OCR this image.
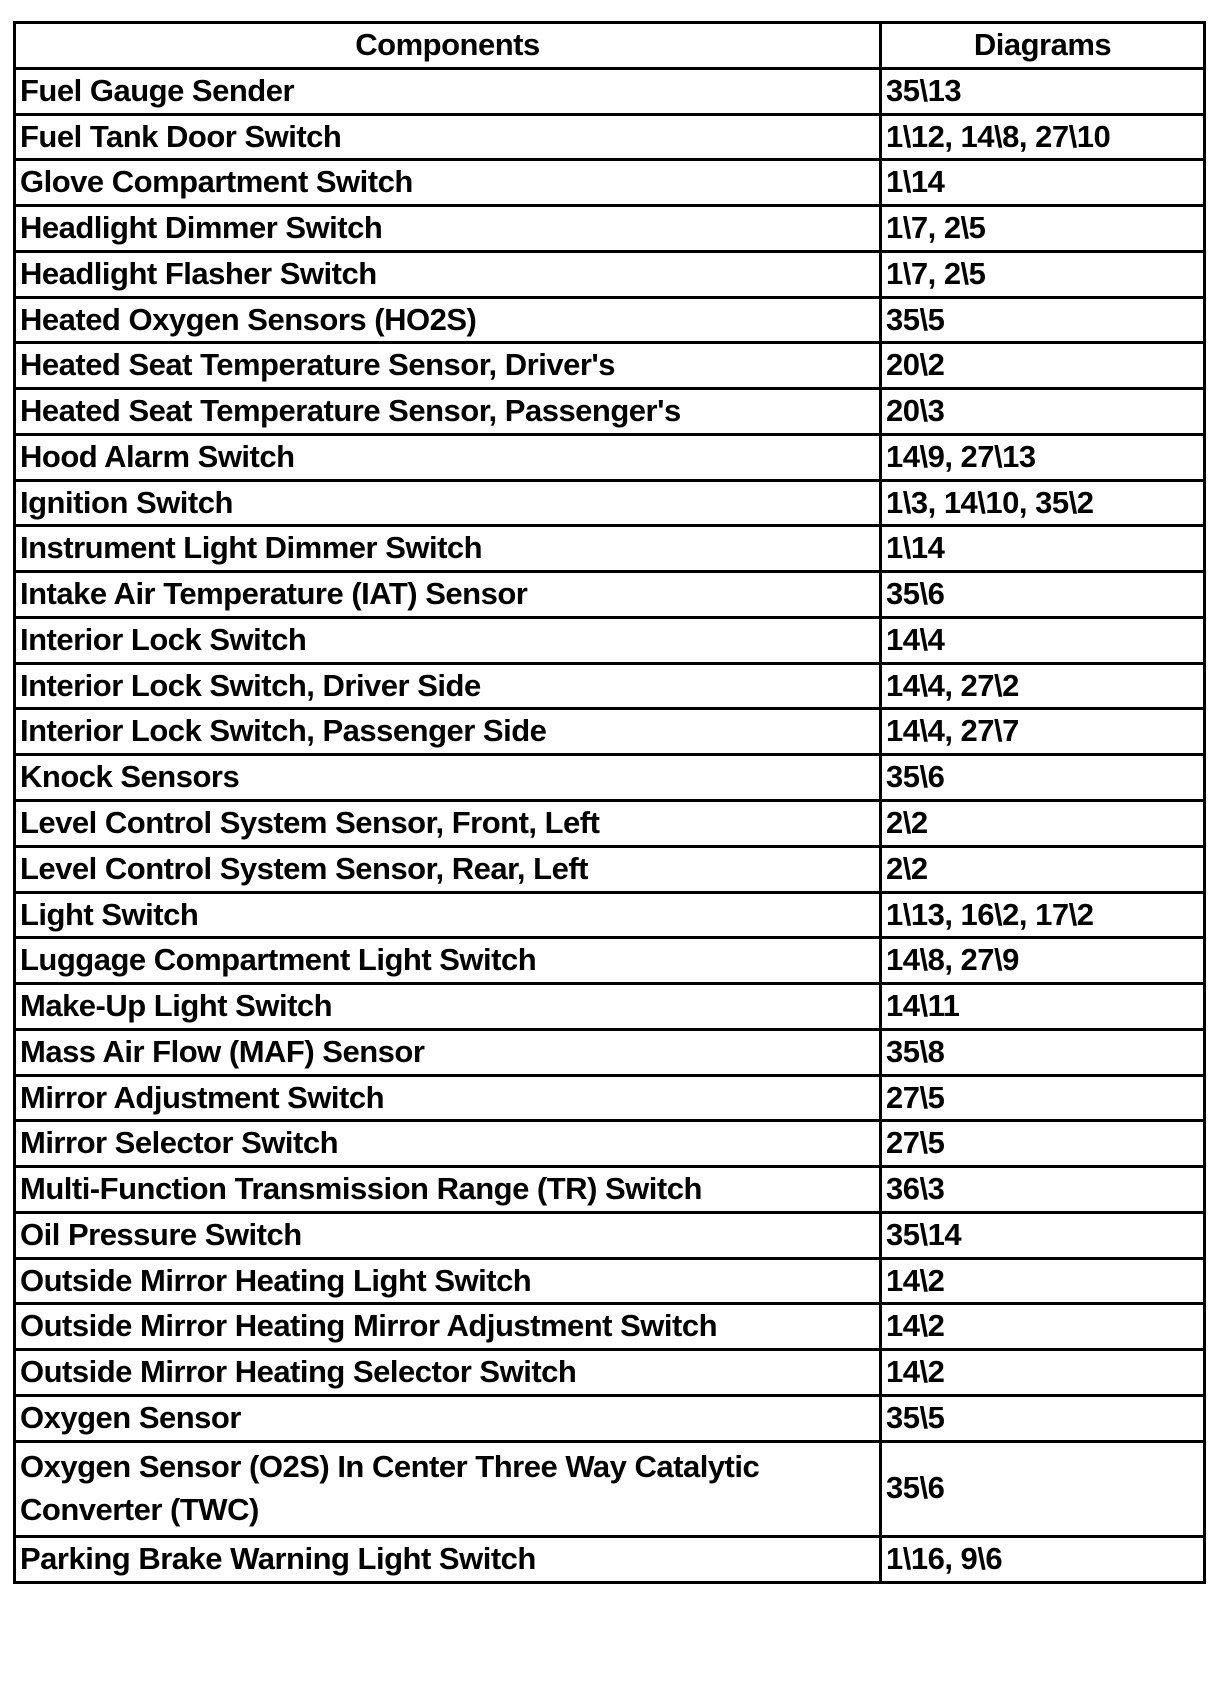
Components	Diagrams
Fuel Gauge Sender	35\13
Fuel Tank Door Switch	1\12, 14\8, 27\10
Glove Compartment Switch	1\14
Headlight Dimmer Switch	1\7, 2\5
Headlight Flasher Switch	1\7, 2\5
Heated Oxygen Sensors (HO2S)	35\5
Heated Seat Temperature Sensor, Driver's	20\2
Heated Seat Temperature Sensor, Passenger's	20\3
Hood Alarm Switch	14\9, 27\13
Ignition Switch	1\3, 14\10, 35\2
Instrument Light Dimmer Switch	1\14
Intake Air Temperature (IAT) Sensor	35\6
Interior Lock Switch	14\4
Interior Lock Switch, Driver Side	14\4, 27\2
Interior Lock Switch, Passenger Side	14\4, 27\7
Knock Sensors	35\6
Level Control System Sensor, Front, Left	2\2
Level Control System Sensor, Rear, Left	2\2
Light Switch	1\13, 16\2, 17\2
Luggage Compartment Light Switch	14\8, 27\9
Make-Up Light Switch	14\11
Mass Air Flow (MAF) Sensor	35\8
Mirror Adjustment Switch	27\5
Mirror Selector Switch	27\5
Multi-Function Transmission Range (TR) Switch	36\3
Oil Pressure Switch	35\14
Outside Mirror Heating Light Switch	14\2
Outside Mirror Heating Mirror Adjustment Switch	14\2
Outside Mirror Heating Selector Switch	14\2
Oxygen Sensor	35\5
Oxygen Sensor (O2S) In Center Three Way Catalytic Converter (TWC)	35\6
Parking Brake Warning Light Switch	1\16, 9\6
